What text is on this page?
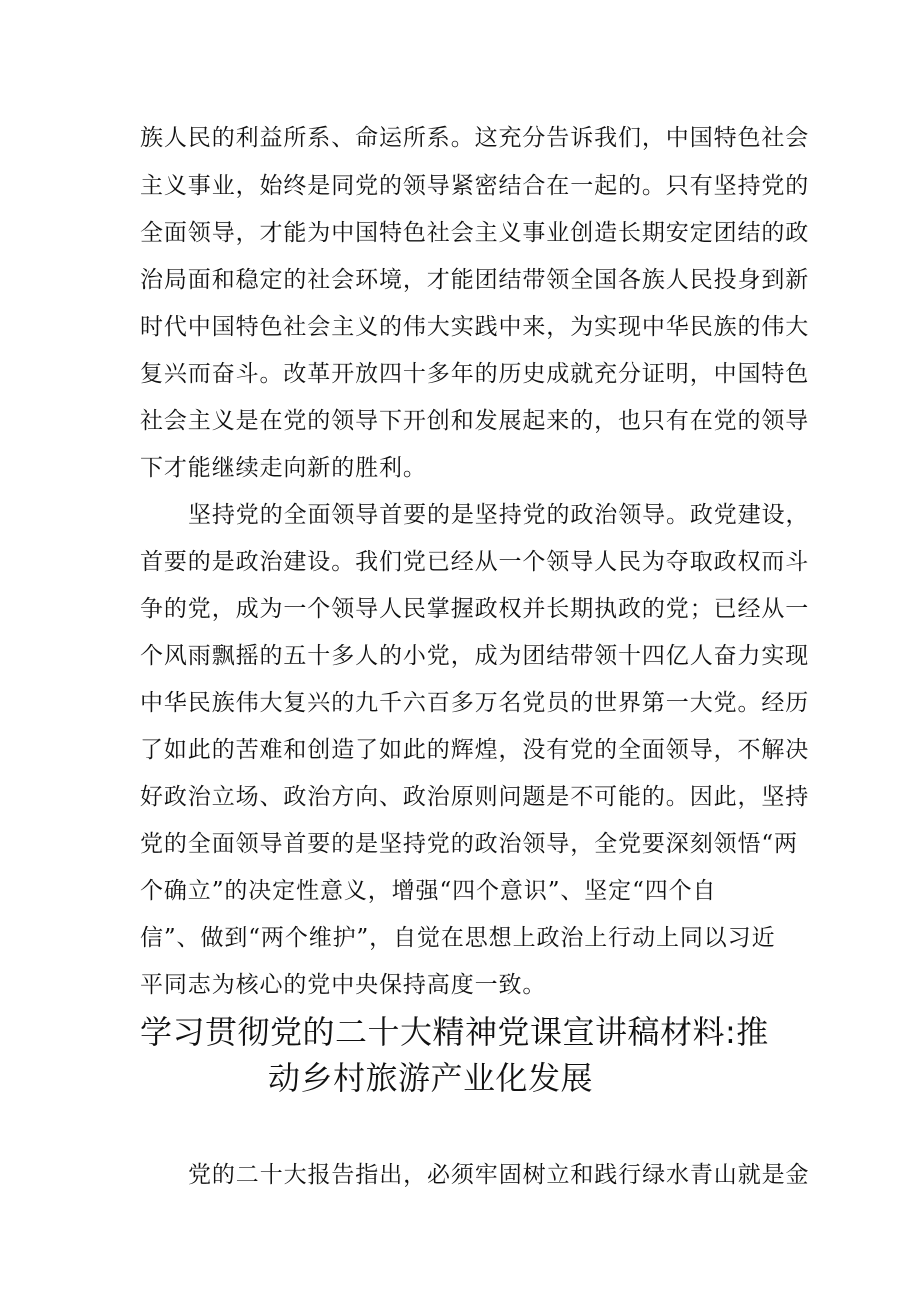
族人民的利益所系、命运所系。这充分告诉我们，中国特色社会
主义事业，始终是同党的领导紧密结合在一起的。只有坚持党的
全面领导，才能为中国特色社会主义事业创造长期安定团结的政
治局面和稳定的社会环境，才能团结带领全国各族人民投身到新
时代中国特色社会主义的伟大实践中来，为实现中华民族的伟大
复兴而奋斗。改革开放四十多年的历史成就充分证明，中国特色
社会主义是在党的领导下开创和发展起来的，也只有在党的领导
下才能继续走向新的胜利。
坚持党的全面领导首要的是坚持党的政治领导。政党建设，
首要的是政治建设。我们党已经从一个领导人民为夺取政权而斗
争的党，成为一个领导人民掌握政权并长期执政的党；已经从一
个风雨飘摇的五十多人的小党，成为团结带领十四亿人奋力实现
中华民族伟大复兴的九千六百多万名党员的世界第一大党。经历
了如此的苦难和创造了如此的辉煌，没有党的全面领导，不解决
好政治立场、政治方向、政治原则问题是不可能的。因此，坚持
党的全面领导首要的是坚持党的政治领导，全党要深刻领悟“两
个确立”的决定性意义，增强“四个意识”、坚定“四个自
信”、做到“两个维护”，自觉在思想上政治上行动上同以习近
平同志为核心的党中央保持高度一致。
学习贯彻党的二十大精神党课宣讲稿材料:推
动乡村旅游产业化发展
党的二十大报告指出，必须牢固树立和践行绿水青山就是金
